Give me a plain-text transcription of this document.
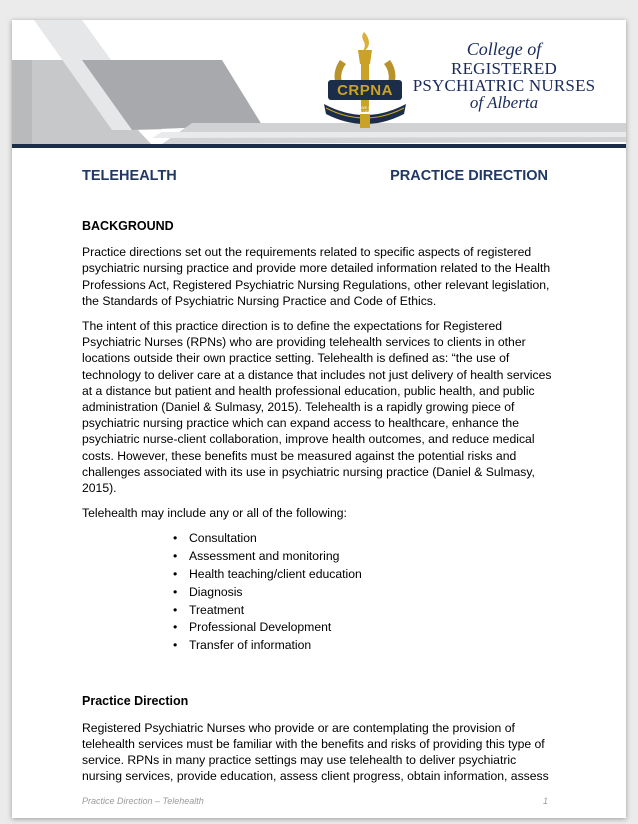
CRPNA
TOGETHER WE SHAPE YOUR WELLBEING
College of
REGISTERED
PSYCHIATRIC NURSES
of Alberta
TELEHEALTH	PRACTICE DIRECTION
BACKGROUND

Practice directions set out the requirements related to specific aspects of registered psychiatric nursing practice and provide more detailed information related to the Health Professions Act, Registered Psychiatric Nursing Regulations, other relevant legislation, the Standards of Psychiatric Nursing Practice and Code of Ethics.

The intent of this practice direction is to define the expectations for Registered Psychiatric Nurses (RPNs) who are providing telehealth services to clients in other locations outside their own practice setting. Telehealth is defined as: “the use of technology to deliver care at a distance that includes not just delivery of health services at a distance but patient and health professional education, public health, and public administration (Daniel & Sulmasy, 2015). Telehealth is a rapidly growing piece of psychiatric nursing practice which can expand access to healthcare, enhance the psychiatric nurse-client collaboration, improve health outcomes, and reduce medical costs. However, these benefits must be measured against the potential risks and challenges associated with its use in psychiatric nursing practice (Daniel & Sulmasy, 2015).

Telehealth may include any or all of the following:

• Consultation
• Assessment and monitoring
• Health teaching/client education
• Diagnosis
• Treatment
• Professional Development
• Transfer of information
Practice Direction

Registered Psychiatric Nurses who provide or are contemplating the provision of telehealth services must be familiar with the benefits and risks of providing this type of service. RPNs in many practice settings may use telehealth to deliver psychiatric nursing services, provide education, assess client progress, obtain information, assess

Practice Direction – Telehealth	1
